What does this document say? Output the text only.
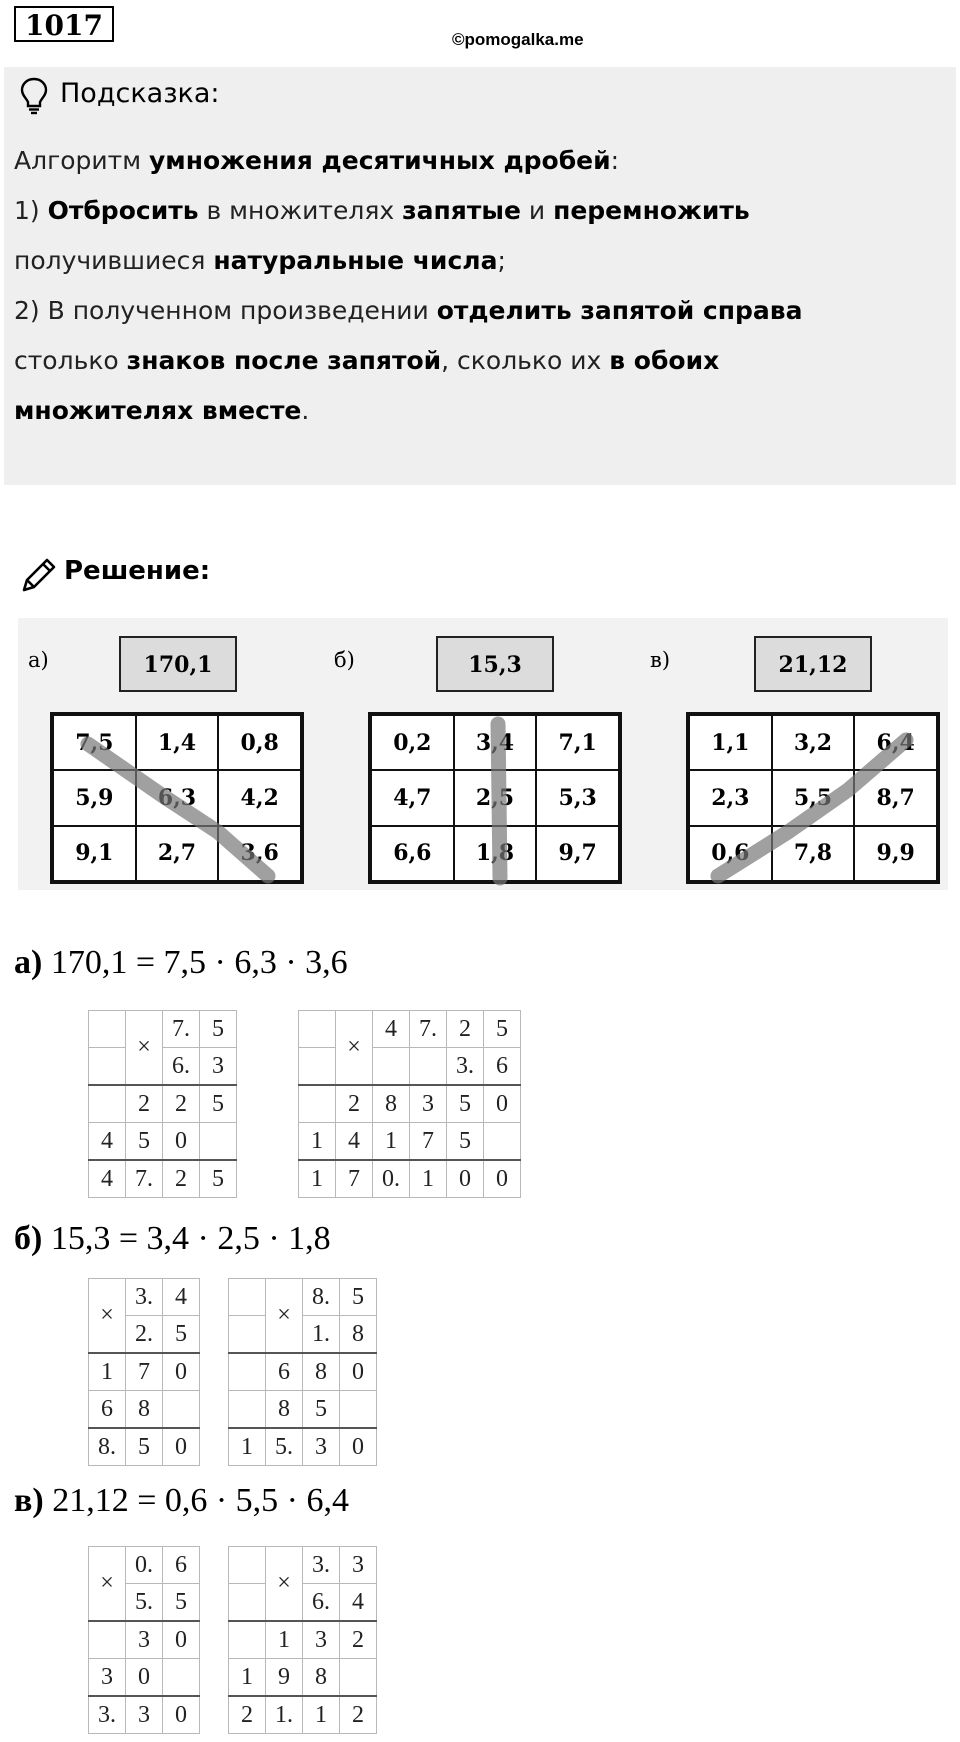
1017	©pomogalka.me
Подсказка:
Алгоритм умножения десятичных дробей:
1) Отбросить в множителях запятые и перемножить
получившиеся натуральные числа;
2) В полученном произведении отделить запятой справа
столько знаков после запятой, сколько их в обоих
множителях вместе.
Решение:
а)	170,1
7,5	1,4	0,8
5,9	6,3	4,2
9,1	2,7	3,6
б)	15,3
0,2	3,4	7,1
4,7	2,5	5,3
6,6	1,8	9,7
в)	21,12
1,1	3,2	6,4
2,3	5,5	8,7
0,6	7,8	9,9
а) 170,1 = 7,5 · 6,3 · 3,6
	×	7.	5
		6.	3
	2	2	5
4	5	0	
4	7.	2	5
	×	4	7.	2	5
				3.	6
	2	8	3	5	0
1	4	1	7	5	
1	7	0.	1	0	0
б) 15,3 = 3,4 · 2,5 · 1,8
×	3.	4
	2.	5
1	7	0
6	8	
8.	5	0
	×	8.	5
		1.	8
	6	8	0
	8	5	
1	5.	3	0
в) 21,12 = 0,6 · 5,5 · 6,4
×	0.	6
	5.	5
	3	0
3	0	
3.	3	0
	×	3.	3
		6.	4
	1	3	2
1	9	8	
2	1.	1	2
